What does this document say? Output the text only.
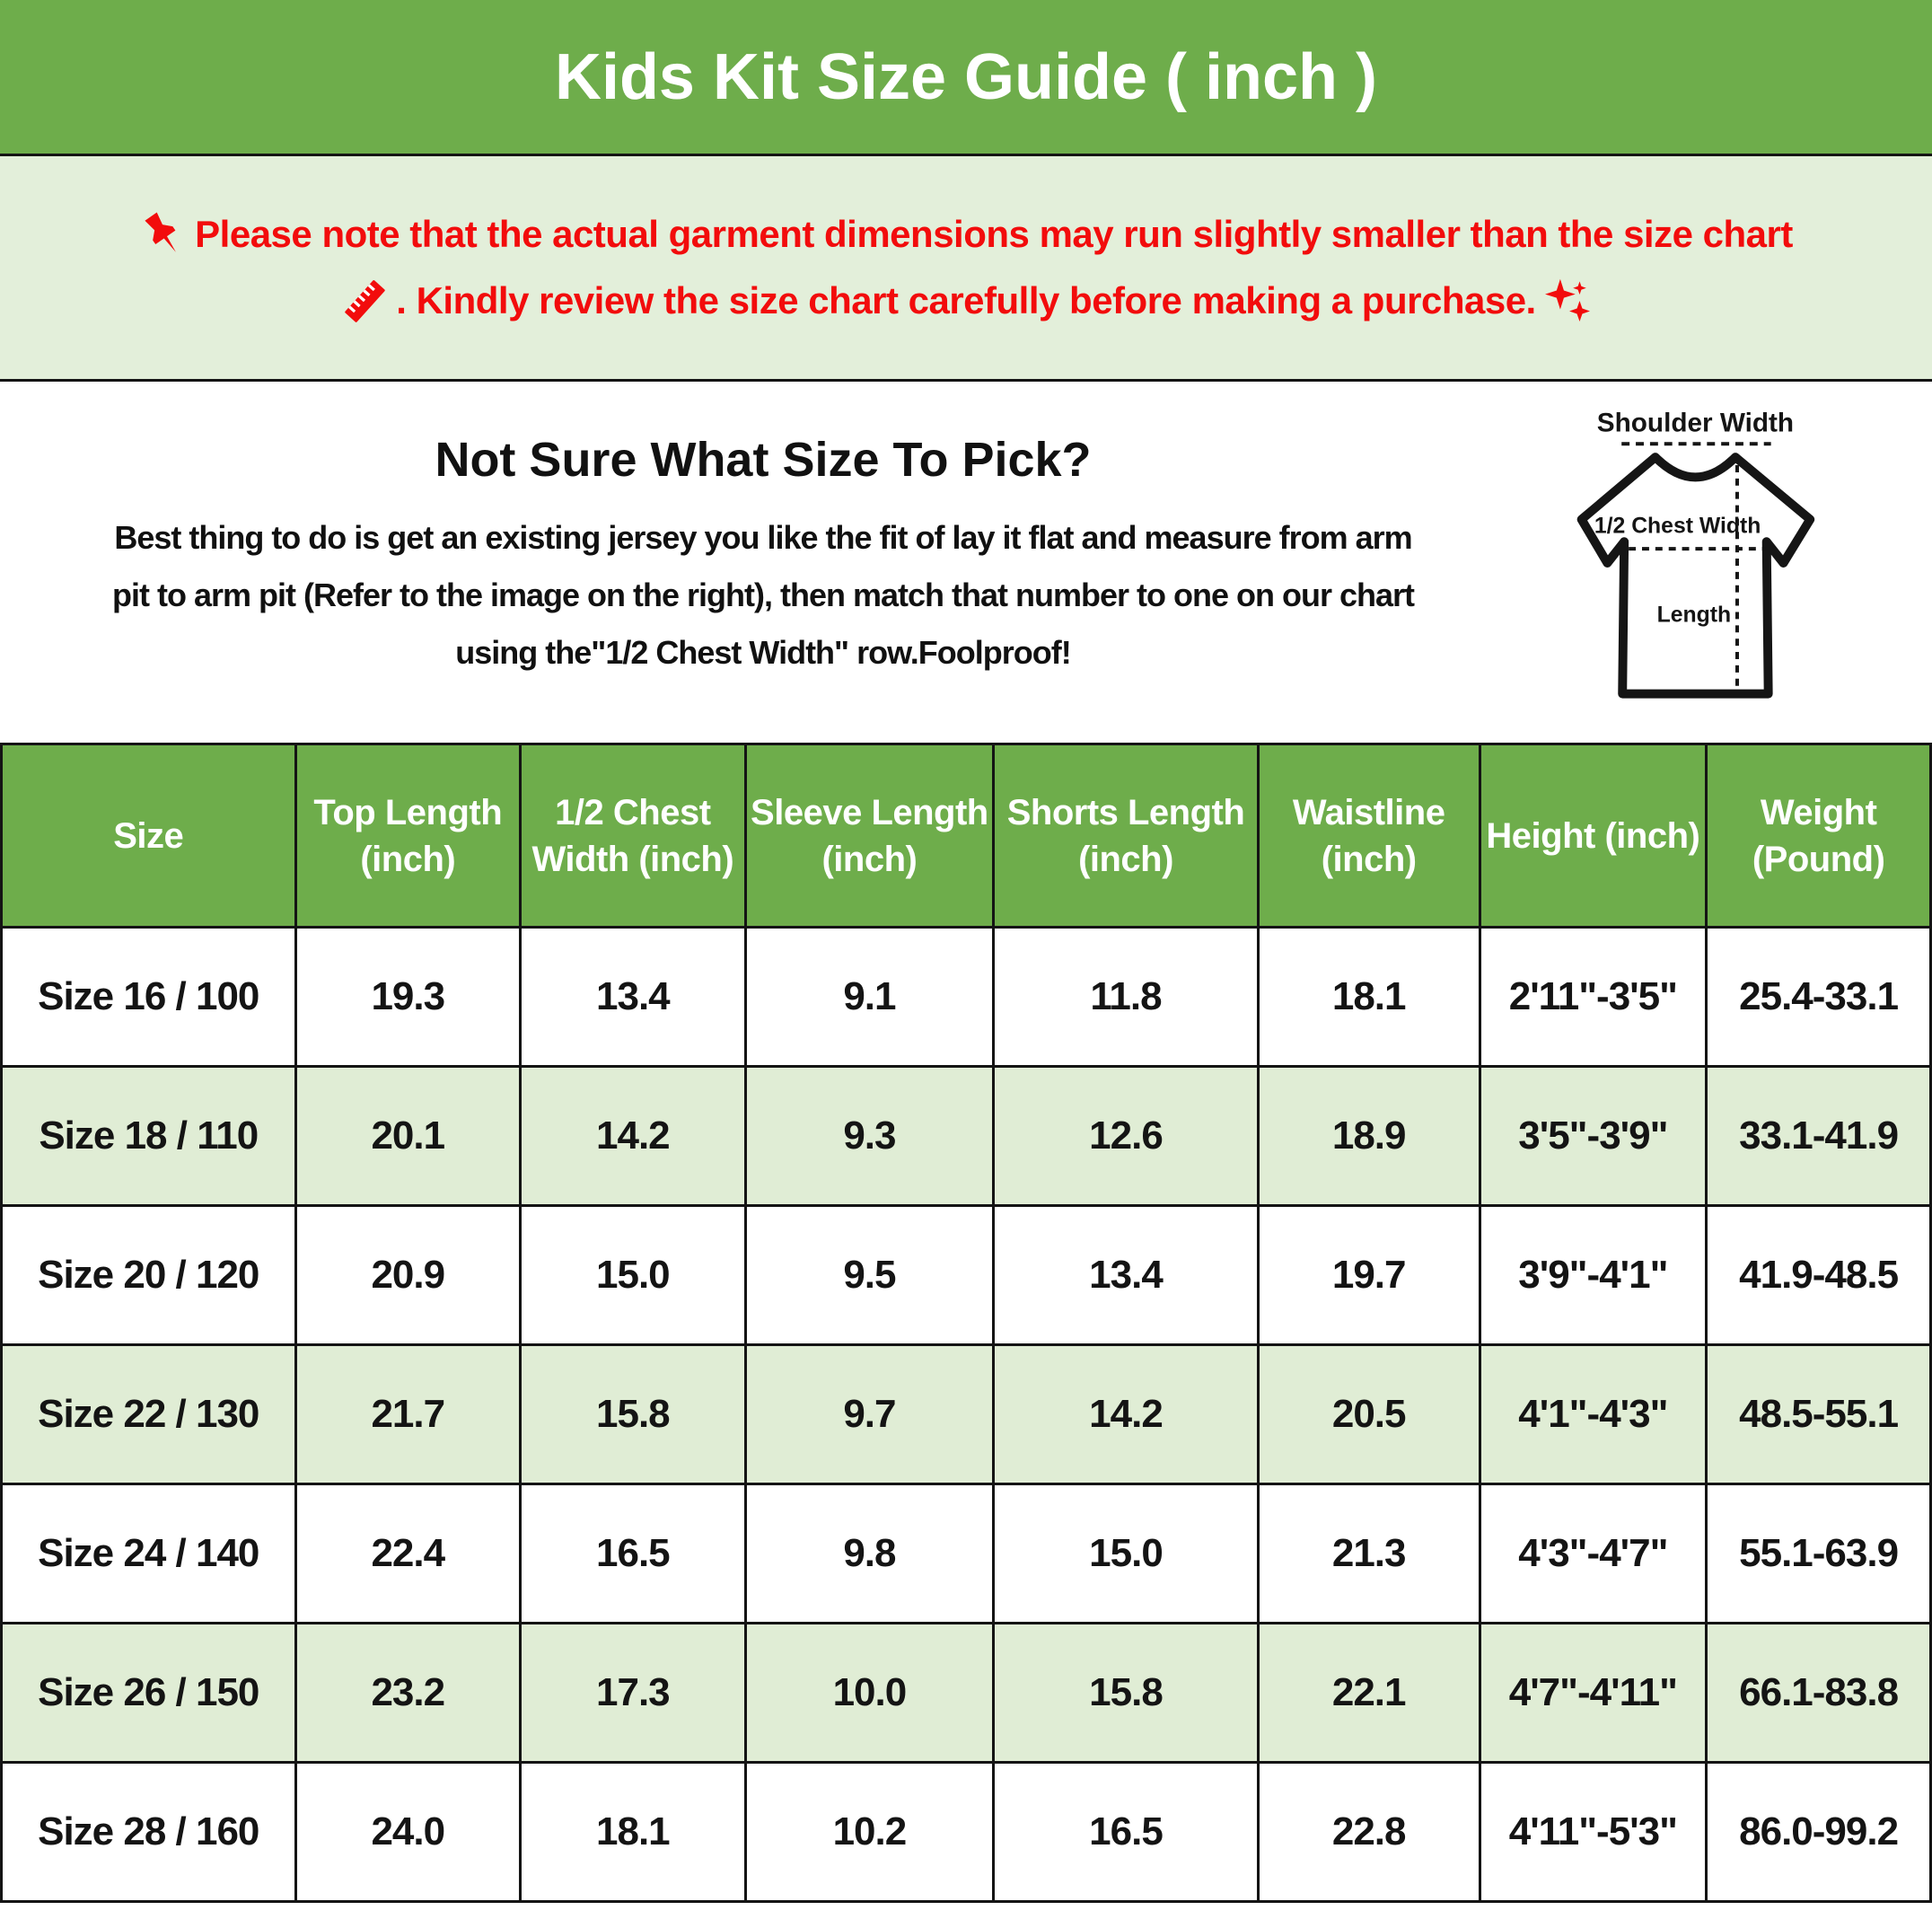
Kids Kit Size Guide ( inch )
Please note that the actual garment dimensions may run slightly smaller than the size chart
. Kindly review the size chart carefully before making a purchase.
Not Sure What Size To Pick?

Best thing to do is get an existing jersey you like the fit of lay it flat and measure from arm

pit to arm pit (Refer to the image on the right), then match that number to one on our chart

using the"1/2 Chest Width" row.Foolproof!

Shoulder Width
1/2 Chest Width
Length
Size	Top Length (inch)	1/2 Chest Width (inch)	Sleeve Length (inch)	Shorts Length (inch)	Waistline (inch)	Height (inch)	Weight (Pound)
Size 16 / 100	19.3	13.4	9.1	11.8	18.1	2'11"-3'5"	25.4-33.1
Size 18 / 110	20.1	14.2	9.3	12.6	18.9	3'5"-3'9"	33.1-41.9
Size 20 / 120	20.9	15.0	9.5	13.4	19.7	3'9"-4'1"	41.9-48.5
Size 22 / 130	21.7	15.8	9.7	14.2	20.5	4'1"-4'3"	48.5-55.1
Size 24 / 140	22.4	16.5	9.8	15.0	21.3	4'3"-4'7"	55.1-63.9
Size 26 / 150	23.2	17.3	10.0	15.8	22.1	4'7"-4'11"	66.1-83.8
Size 28 / 160	24.0	18.1	10.2	16.5	22.8	4'11"-5'3"	86.0-99.2
